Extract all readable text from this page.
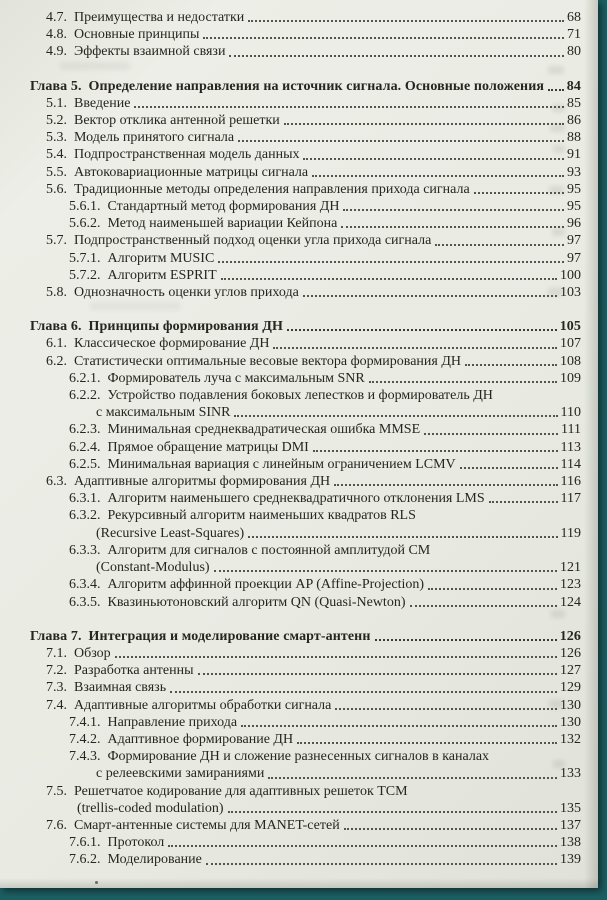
4.7. Преимущества и недостатки	68
4.8. Основные принципы	71
4.9. Эффекты взаимной связи	80
Глава 5. Определение направления на источник сигнала. Основные положения 84
5.1. Введение	85
5.2. Вектор отклика антенной решетки	86
5.3. Модель принятого сигнала	88
5.4. Подпространственная модель данных	91
5.5. Автоковариационные матрицы сигнала	93
5.6. Традиционные методы определения направления прихода сигнала	95
5.6.1. Стандартный метод формирования ДН	95
5.6.2. Метод наименьшей вариации Кейпона	96
5.7. Подпространственный подход оценки угла прихода сигнала	97
5.7.1. Алгоритм MUSIC	97
5.7.2. Алгоритм ESPRIT	100
5.8. Однозначность оценки углов прихода	103
Глава 6. Принципы формирования ДН	105
6.1. Классическое формирование ДН	107
6.2. Статистически оптимальные весовые вектора формирования ДН	108
6.2.1. Формирователь луча с максимальным SNR	109
6.2.2. Устройство подавления боковых лепестков и формирователь ДН
с максимальным SINR	110
6.2.3. Минимальная среднеквадратическая ошибка MMSE	111
6.2.4. Прямое обращение матрицы DMI	113
6.2.5. Минимальная вариация с линейным ограничением LCMV	114
6.3. Адаптивные алгоритмы формирования ДН	116
6.3.1. Алгоритм наименьшего среднеквадратичного отклонения LMS	117
6.3.2. Рекурсивный алгоритм наименьших квадратов RLS
(Recursive Least-Squares)	119
6.3.3. Алгоритм для сигналов с постоянной амплитудой CM
(Constant-Modulus)	121
6.3.4. Алгоритм аффинной проекции AP (Affine-Projection)	123
6.3.5. Квазиньютоновский алгоритм QN (Quasi-Newton)	124
Глава 7. Интеграция и моделирование смарт-антенн	126
7.1. Обзор	126
7.2. Разработка антенны	127
7.3. Взаимная связь	129
7.4. Адаптивные алгоритмы обработки сигнала	130
7.4.1. Направление прихода	130
7.4.2. Адаптивное формирование ДН	132
7.4.3. Формирование ДН и сложение разнесенных сигналов в каналах
с релеевскими замираниями	133
7.5. Решетчатое кодирование для адаптивных решеток TCM
(trellis-coded modulation)	135
7.6. Смарт-антенные системы для MANET-сетей	137
7.6.1. Протокол	138
7.6.2. Моделирование	139
